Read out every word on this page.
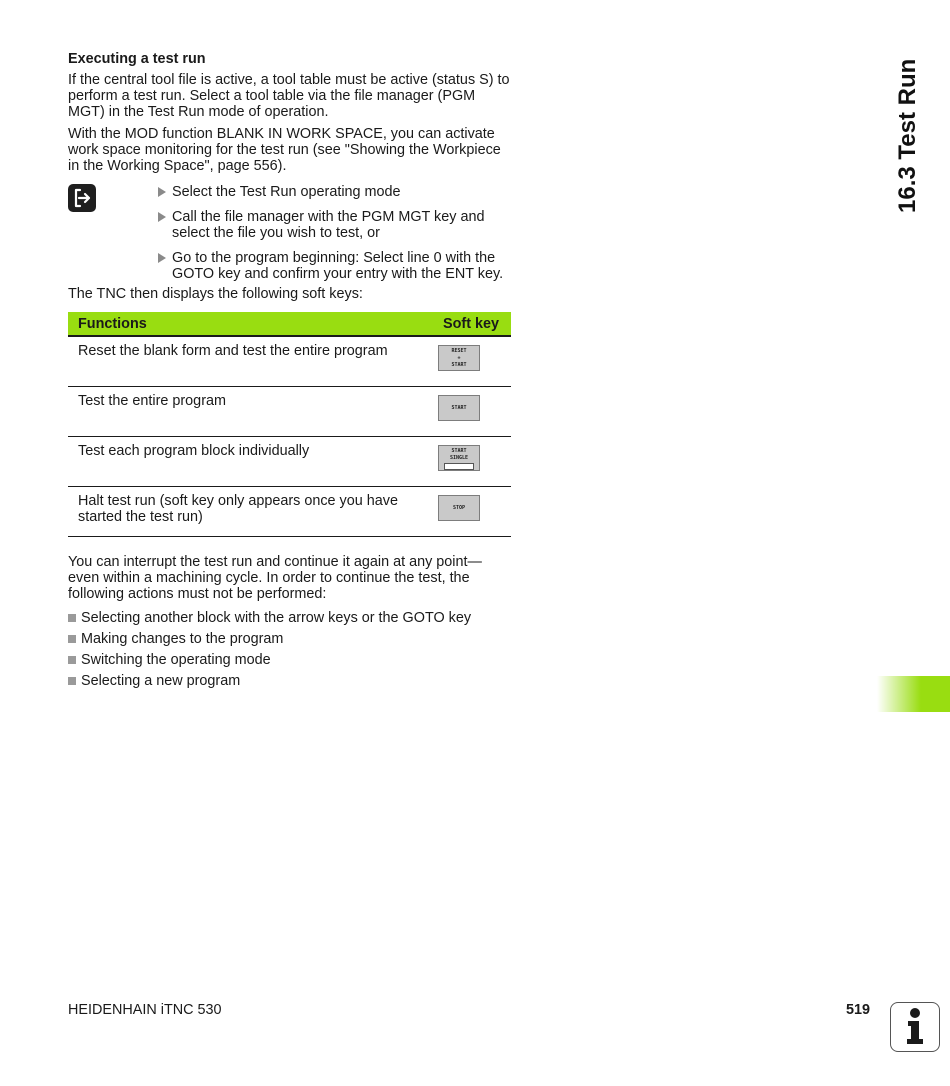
Executing a test run

If the central tool file is active, a tool table must be active (status S) to perform a test run. Select a tool table via the file manager (PGM MGT) in the Test Run mode of operation.

With the MOD function BLANK IN WORK SPACE, you can activate work space monitoring for the test run (see "Showing the Workpiece in the Working Space", page 556).

Select the Test Run operating mode
Call the file manager with the PGM MGT key and select the file you wish to test, or
Go to the program beginning: Select line 0 with the GOTO key and confirm your entry with the ENT key.

The TNC then displays the following soft keys:

Functions	Soft key
Reset the blank form and test the entire program	RESET
+
START
Test the entire program	START
Test each program block individually	START
SINGLE

Halt test run (soft key only appears once you have started the test run)	STOP

You can interrupt the test run and continue it again at any point—even within a machining cycle. In order to continue the test, the following actions must not be performed:

Selecting another block with the arrow keys or the GOTO key
Making changes to the program
Switching the operating mode
Selecting a new program
16.3 Test Run
HEIDENHAIN iTNC 530	519
